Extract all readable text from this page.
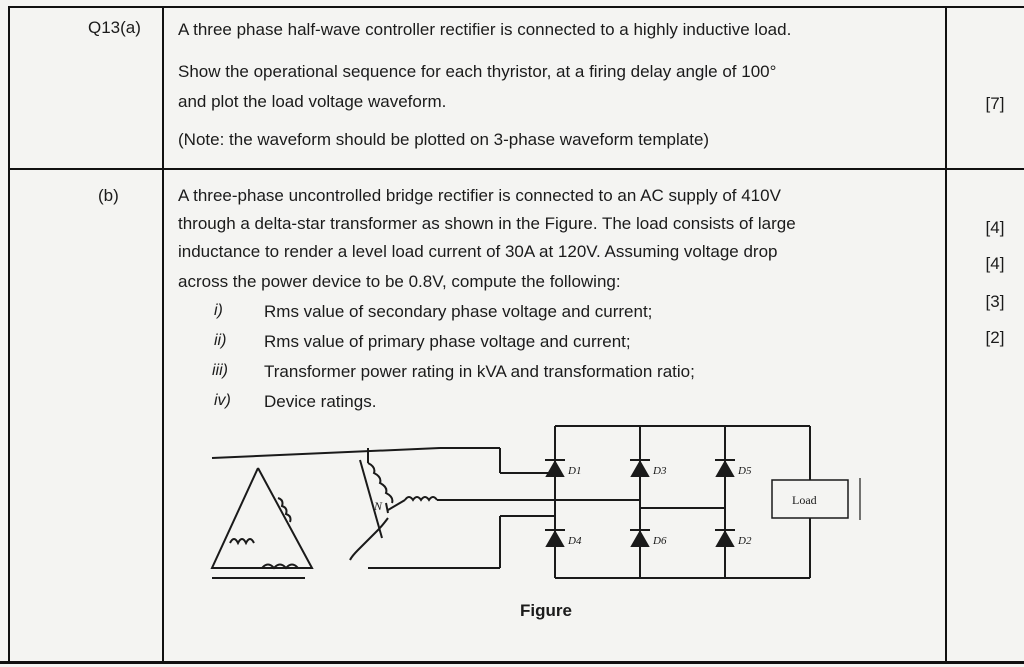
Q13(a) A three phase half-wave controller rectifier is connected to a highly inductive load.
Show the operational sequence for each thyristor, at a firing delay angle of 100°
and plot the load voltage waveform.
(Note: the waveform should be plotted on 3-phase waveform template)
[7]
(b)	A three-phase uncontrolled bridge rectifier is connected to an AC supply of 410V
through a delta-star transformer as shown in the Figure. The load consists of large
inductance to render a level load current of 30A at 120V. Assuming voltage drop
across the power device to be 0.8V, compute the following:
i) Rms value of secondary phase voltage and current;
ii) Rms value of primary phase voltage and current;
iii) Transformer power rating in kVA and transformation ratio;
iv) Device ratings.
[4]
[4]
[3]
[2]
D1	D3	D5
D4	D6	D2
N	Load
Figure
